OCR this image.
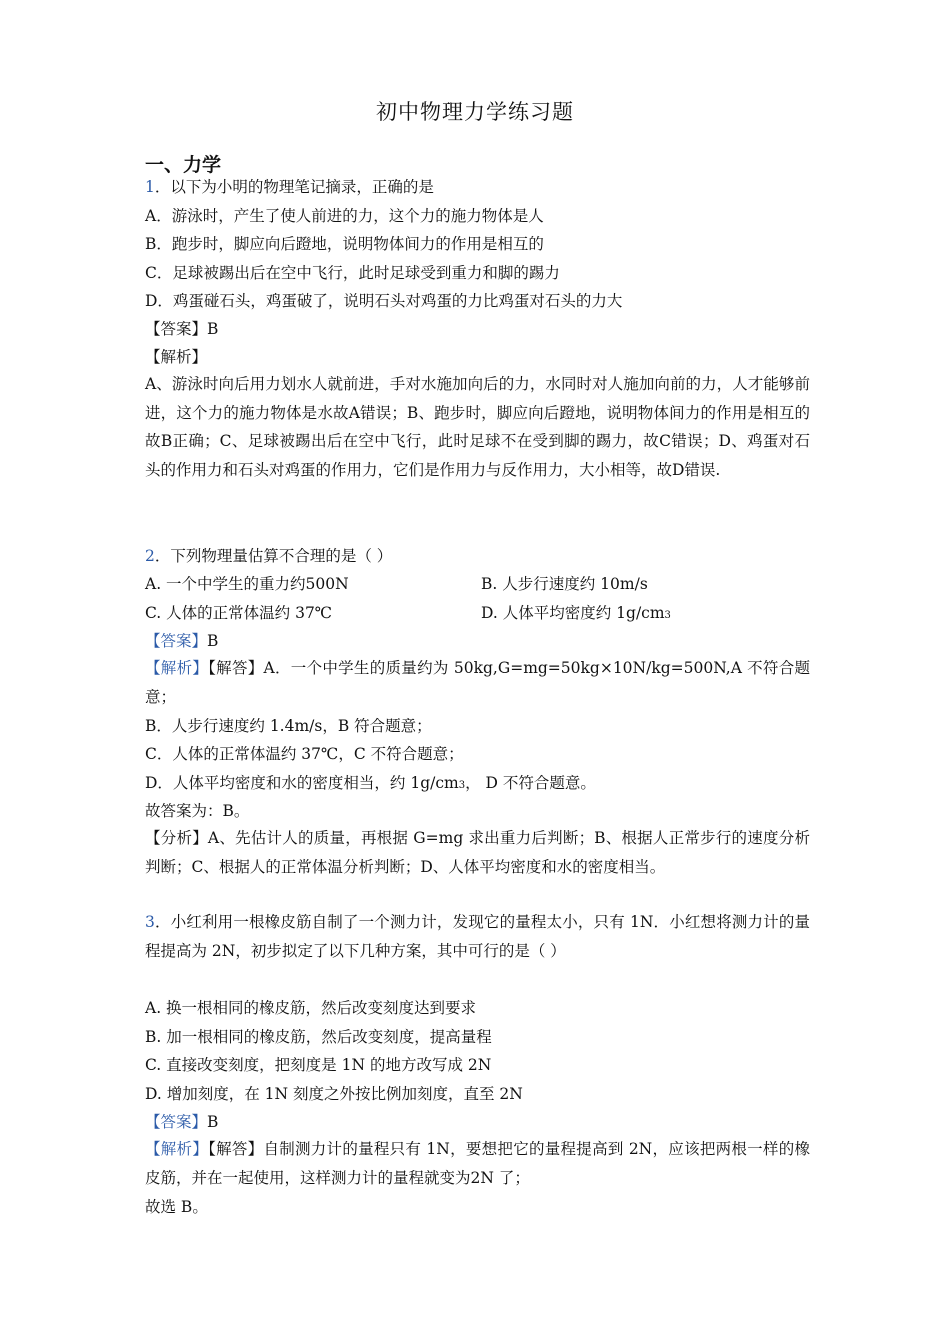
初中物理力学练习题
一、力学
1．以下为小明的物理笔记摘录，正确的是
A．游泳时，产生了使人前进的力，这个力的施力物体是人
B．跑步时，脚应向后蹬地，说明物体间力的作用是相互的
C．足球被踢出后在空中飞行，此时足球受到重力和脚的踢力
D．鸡蛋碰石头，鸡蛋破了，说明石头对鸡蛋的力比鸡蛋对石头的力大
【答案】B
【解析】
A、游泳时向后用力划水人就前进，手对水施加向后的力，水同时对人施加向前的力，人才能够前进，这个力的施力物体是水故A错误；B、跑步时，脚应向后蹬地，说明物体间力的作用是相互的故B正确；C、足球被踢出后在空中飞行，此时足球不在受到脚的踢力，故C错误；D、鸡蛋对石头的作用力和石头对鸡蛋的作用力，它们是作用力与反作用力，大小相等，故D错误.
2．下列物理量估算不合理的是（ ）
A. 一个中学生的重力约500N	B. 人步行速度约 10m/s
C. 人体的正常体温约 37℃	D. 人体平均密度约 1g/cm3
【答案】B
【解析】【解答】A．一个中学生的质量约为 50kg,G=mg=50kg×10N/kg=500N,A 不符合题意；
B．人步行速度约 1.4m/s，B 符合题意；
C．人体的正常体温约 37℃，C 不符合题意；
D．人体平均密度和水的密度相当，约 1g/cm3， D 不符合题意。
故答案为：B。
【分析】A、先估计人的质量，再根据 G=mg 求出重力后判断；B、根据人正常步行的速度分析判断；C、根据人的正常体温分析判断；D、人体平均密度和水的密度相当。
3．小红利用一根橡皮筋自制了一个测力计，发现它的量程太小，只有 1N．小红想将测力计的量程提高为 2N，初步拟定了以下几种方案，其中可行的是（ ）
A. 换一根相同的橡皮筋，然后改变刻度达到要求
B. 加一根相同的橡皮筋，然后改变刻度，提高量程
C. 直接改变刻度，把刻度是 1N 的地方改写成 2N
D. 增加刻度，在 1N 刻度之外按比例加刻度，直至 2N
【答案】B
【解析】【解答】自制测力计的量程只有 1N，要想把它的量程提高到 2N，应该把两根一样的橡皮筋，并在一起使用，这样测力计的量程就变为2N 了；
故选 B。
